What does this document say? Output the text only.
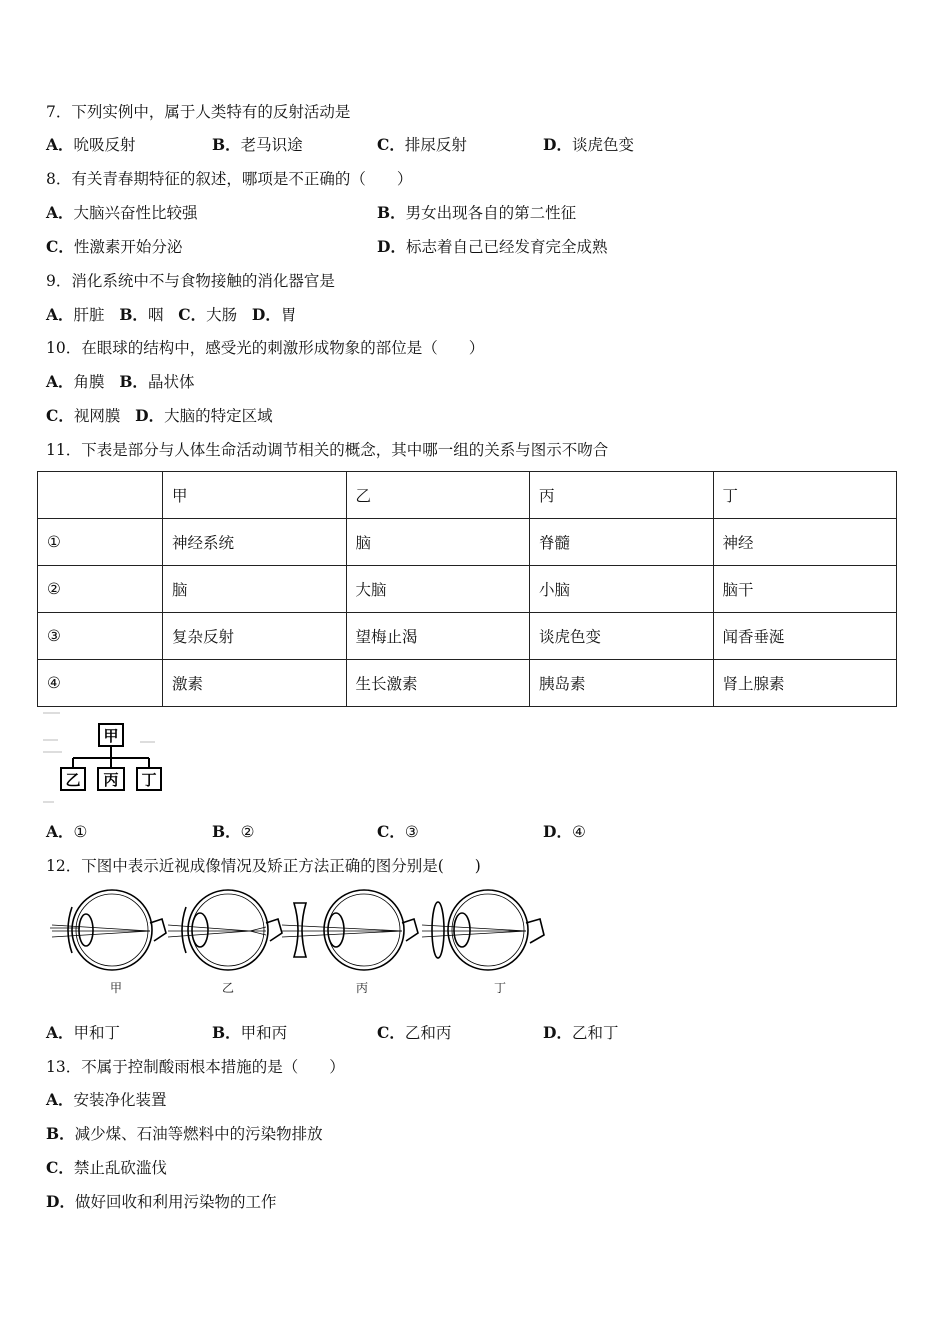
7．下列实例中，属于人类特有的反射活动是
A．吮吸反射	B．老马识途	C．排尿反射	D．谈虎色变
8．有关青春期特征的叙述，哪项是不正确的（　　）
A．大脑兴奋性比较强	B．男女出现各自的第二性征
C．性激素开始分泌	D．标志着自己已经发育完全成熟
9．消化系统中不与食物接触的消化器官是
A．肝脏 B．咽 C．大肠 D．胃
10．在眼球的结构中，感受光的刺激形成物象的部位是（　　）
A．角膜 B．晶状体
C．视网膜 D．大脑的特定区域
11．下表是部分与人体生命活动调节相关的概念，其中哪一组的关系与图示不吻合
	甲	乙	丙	丁
①	神经系统	脑	脊髓	神经
②	脑	大脑	小脑	脑干
③	复杂反射	望梅止渴	谈虎色变	闻香垂涎
④	激素	生长激素	胰岛素	肾上腺素
甲
乙 丙 丁
A．①	B．②	C．③	D．④
12．下图中表示近视成像情况及矫正方法正确的图分别是(　　)
甲	乙	丙	丁
A．甲和丁	B．甲和丙	C．乙和丙	D．乙和丁
13．不属于控制酸雨根本措施的是（　　）
A．安装净化装置
B．减少煤、石油等燃料中的污染物排放
C．禁止乱砍滥伐
D．做好回收和利用污染物的工作
